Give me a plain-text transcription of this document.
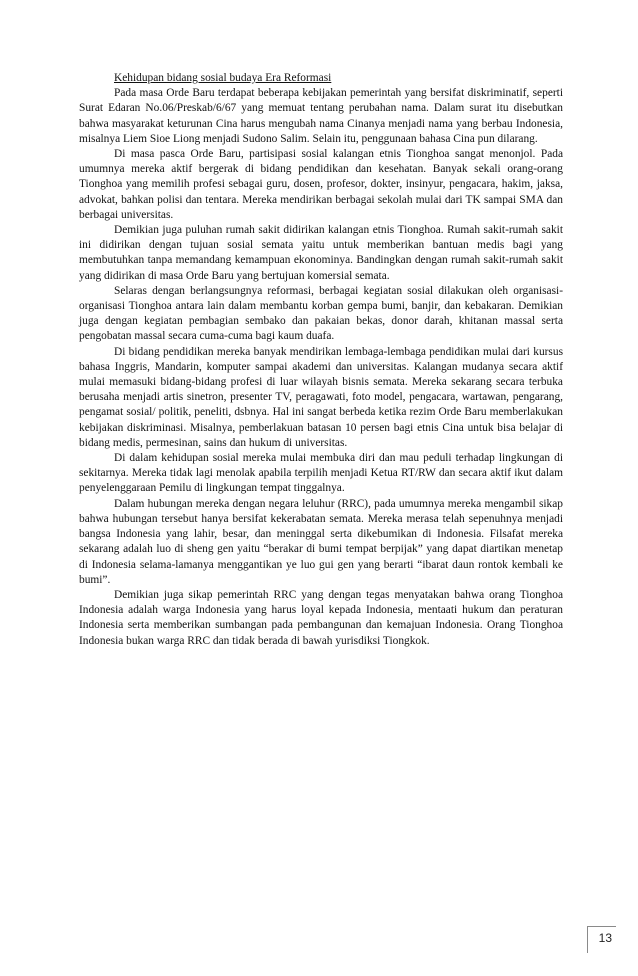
Kehidupan bidang sosial budaya Era Reformasi

Pada masa Orde Baru terdapat beberapa kebijakan pemerintah yang bersifat diskriminatif, seperti Surat Edaran No.06/Preskab/6/67 yang memuat tentang perubahan nama. Dalam surat itu disebutkan bahwa masyarakat keturunan Cina harus mengubah nama Cinanya menjadi nama yang berbau Indonesia, misalnya Liem Sioe Liong menjadi Sudono Salim. Selain itu, penggunaan bahasa Cina pun dilarang.

Di masa pasca Orde Baru, partisipasi sosial kalangan etnis Tionghoa sangat menonjol. Pada umumnya mereka aktif bergerak di bidang pendidikan dan kesehatan. Banyak sekali orang-orang Tionghoa yang memilih profesi sebagai guru, dosen, profesor, dokter, insinyur, pengacara, hakim, jaksa, advokat, bahkan polisi dan tentara. Mereka mendirikan berbagai sekolah mulai dari TK sampai SMA dan berbagai universitas.

Demikian juga puluhan rumah sakit didirikan kalangan etnis Tionghoa. Rumah sakit-rumah sakit ini didirikan dengan tujuan sosial semata yaitu untuk memberikan bantuan medis bagi yang membutuhkan tanpa memandang kemampuan ekonominya. Bandingkan dengan rumah sakit-rumah sakit yang didirikan di masa Orde Baru yang bertujuan komersial semata.

Selaras dengan berlangsungnya reformasi, berbagai kegiatan sosial dilakukan oleh organisasi-organisasi Tionghoa antara lain dalam membantu korban gempa bumi, banjir, dan kebakaran. Demikian juga dengan kegiatan pembagian sembako dan pakaian bekas, donor darah, khitanan massal serta pengobatan massal secara cuma-cuma bagi kaum duafa.

Di bidang pendidikan mereka banyak mendirikan lembaga-lembaga pendidikan mulai dari kursus bahasa Inggris, Mandarin, komputer sampai akademi dan universitas. Kalangan mudanya secara aktif mulai memasuki bidang-bidang profesi di luar wilayah bisnis semata. Mereka sekarang secara terbuka berusaha menjadi artis sinetron, presenter TV, peragawati, foto model, pengacara, wartawan, pengarang, pengamat sosial/ politik, peneliti, dsbnya. Hal ini sangat berbeda ketika rezim Orde Baru memberlakukan kebijakan diskriminasi. Misalnya, pemberlakuan batasan 10 persen bagi etnis Cina untuk bisa belajar di bidang medis, permesinan, sains dan hukum di universitas.

Di dalam kehidupan sosial mereka mulai membuka diri dan mau peduli terhadap lingkungan di sekitarnya. Mereka tidak lagi menolak apabila terpilih menjadi Ketua RT/RW dan secara aktif ikut dalam penyelenggaraan Pemilu di lingkungan tempat tinggalnya.

Dalam hubungan mereka dengan negara leluhur (RRC), pada umumnya mereka mengambil sikap bahwa hubungan tersebut hanya bersifat kekerabatan semata. Mereka merasa telah sepenuhnya menjadi bangsa Indonesia yang lahir, besar, dan meninggal serta dikebumikan di Indonesia. Filsafat mereka sekarang adalah luo di sheng gen yaitu “berakar di bumi tempat berpijak” yang dapat diartikan menetap di Indonesia selama-lamanya menggantikan ye luo gui gen yang berarti “ibarat daun rontok kembali ke bumi”.

Demikian juga sikap pemerintah RRC yang dengan tegas menyatakan bahwa orang Tionghoa Indonesia adalah warga Indonesia yang harus loyal kepada Indonesia, mentaati hukum dan peraturan Indonesia serta memberikan sumbangan pada pembangunan dan kemajuan Indonesia. Orang Tionghoa Indonesia bukan warga RRC dan tidak berada di bawah yurisdiksi Tiongkok.

13
